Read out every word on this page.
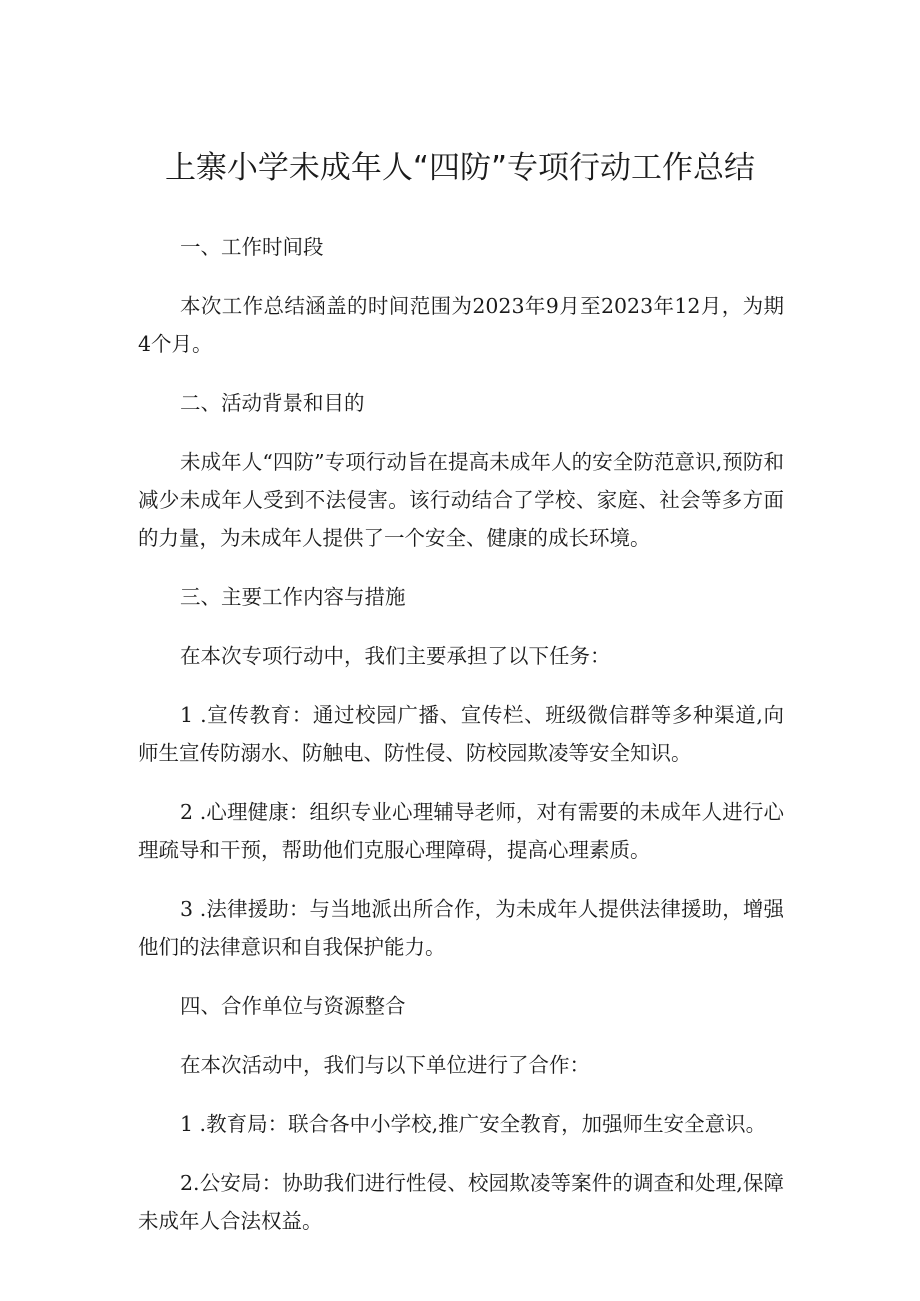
上寨小学未成年人“四防”专项行动工作总结

一、工作时间段

本次工作总结涵盖的时间范围为2023年9月至2023年12月，为期4个月。

二、活动背景和目的

未成年人“四防”专项行动旨在提高未成年人的安全防范意识,预防和减少未成年人受到不法侵害。该行动结合了学校、家庭、社会等多方面的力量，为未成年人提供了一个安全、健康的成长环境。

三、主要工作内容与措施

在本次专项行动中，我们主要承担了以下任务：

1 .宣传教育：通过校园广播、宣传栏、班级微信群等多种渠道,向师生宣传防溺水、防触电、防性侵、防校园欺凌等安全知识。

2 .心理健康：组织专业心理辅导老师，对有需要的未成年人进行心理疏导和干预，帮助他们克服心理障碍，提高心理素质。

3 .法律援助：与当地派出所合作，为未成年人提供法律援助，增强他们的法律意识和自我保护能力。

四、合作单位与资源整合

在本次活动中，我们与以下单位进行了合作：

1 .教育局：联合各中小学校,推广安全教育，加强师生安全意识。

2.公安局：协助我们进行性侵、校园欺凌等案件的调查和处理,保障未成年人合法权益。
